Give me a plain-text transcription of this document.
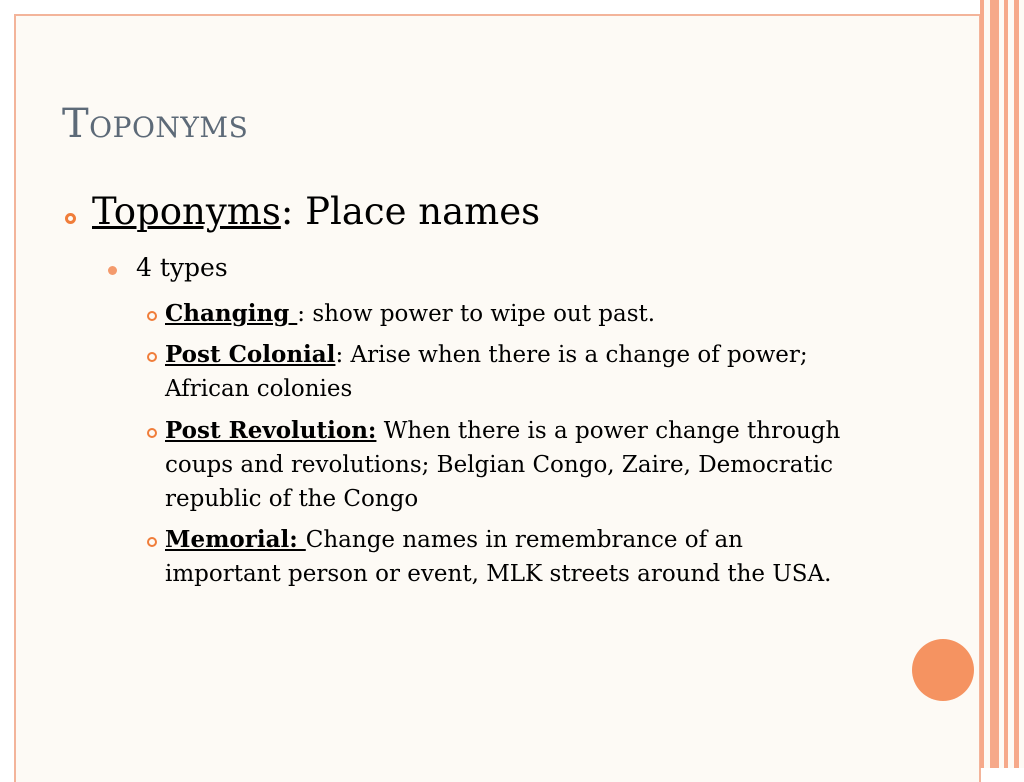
Toponyms
Toponyms: Place names
4 types
Changing : show power to wipe out past.
Post Colonial: Arise when there is a change of power; African colonies
Post Revolution: When there is a power change through coups and revolutions; Belgian Congo, Zaire, Democratic republic of the Congo
Memorial: Change names in remembrance of an important person or event, MLK streets around the USA.
